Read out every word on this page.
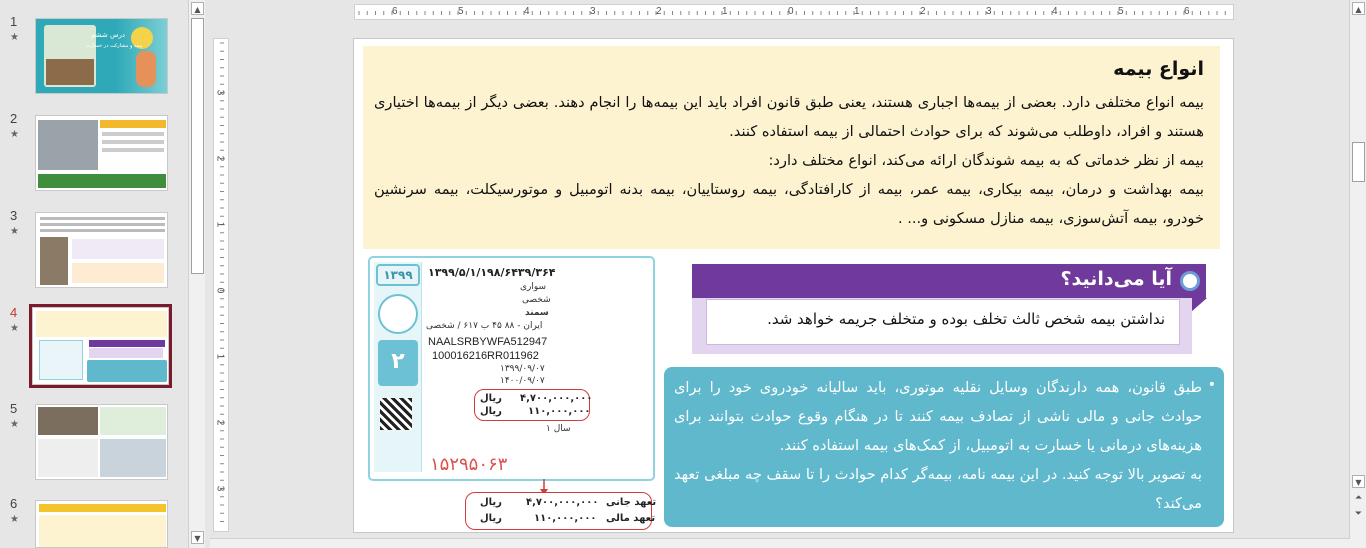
1
★	درس ششم
بیمه و مشارکت در خسارت
2
★
3
★
4
★
5
★
6
★
▲
▼
6	5	4	3	2	1	0	1	2	3	4	5	6
3
2
1
0
1
2
3
انواع بیمه
بیمه انواع مختلفی دارد. بعضی از بیمه‌ها اجباری هستند، یعنی طبق قانون افراد باید این بیمه‌ها را انجام دهند. بعضی دیگر از بیمه‌ها اختیاری هستند و افراد، داوطلب می‌شوند که برای حوادث احتمالی از بیمه استفاده کنند.
بیمه از نظر خدماتی که به بیمه شوندگان ارائه می‌کند، انواع مختلف دارد:
بیمه بهداشت و درمان، بیمه بیکاری، بیمه عمر، بیمه از کارافتادگی، بیمه روستاییان، بیمه بدنه اتومبیل و موتورسیکلت، بیمه سرنشین خودرو، بیمه آتش‌سوزی، بیمه منازل مسکونی و... .
۱۳۹۹
۲
۱۳۹۹/۵/۱/۱۹۸/۶۴۳۹/۳۶۴
سواری
شخصی
سمند
ایران - ۸۸ ۴۵ ب ۶۱۷ / شخصی
NAALSRBYWFA512947
100016216RR011962
۱۳۹۹/۰۹/۰۷
۱۴۰۰/۰۹/۰۷
ریال ۴,۷۰۰,۰۰۰,۰۰۰
ریال	۱۱۰,۰۰۰,۰۰۰
۱ سال
۱۵۲۹۵۰۶۳
ریال ۴,۷۰۰,۰۰۰,۰۰۰ تعهد جانی
ریال	۱۱۰,۰۰۰,۰۰۰ تعهد مالی
آیا می‌دانید؟
نداشتن بیمه شخص ثالث تخلف بوده و متخلف جریمه خواهد شد.
•
طبق قانون، همه دارندگان وسایل نقلیه موتوری، باید سالیانه خودروی خود را برای حوادث جانی و مالی ناشی از تصادف بیمه کنند تا در هنگام وقوع حوادث بتوانند برای هزینه‌های درمانی یا خسارت به اتومبیل، از کمک‌های بیمه استفاده کنند.
به تصویر بالا توجه کنید. در این بیمه نامه، بیمه‌گر کدام حوادث را تا سقف چه مبلغی تعهد می‌کند؟
▲
▼
⏶
⏷
